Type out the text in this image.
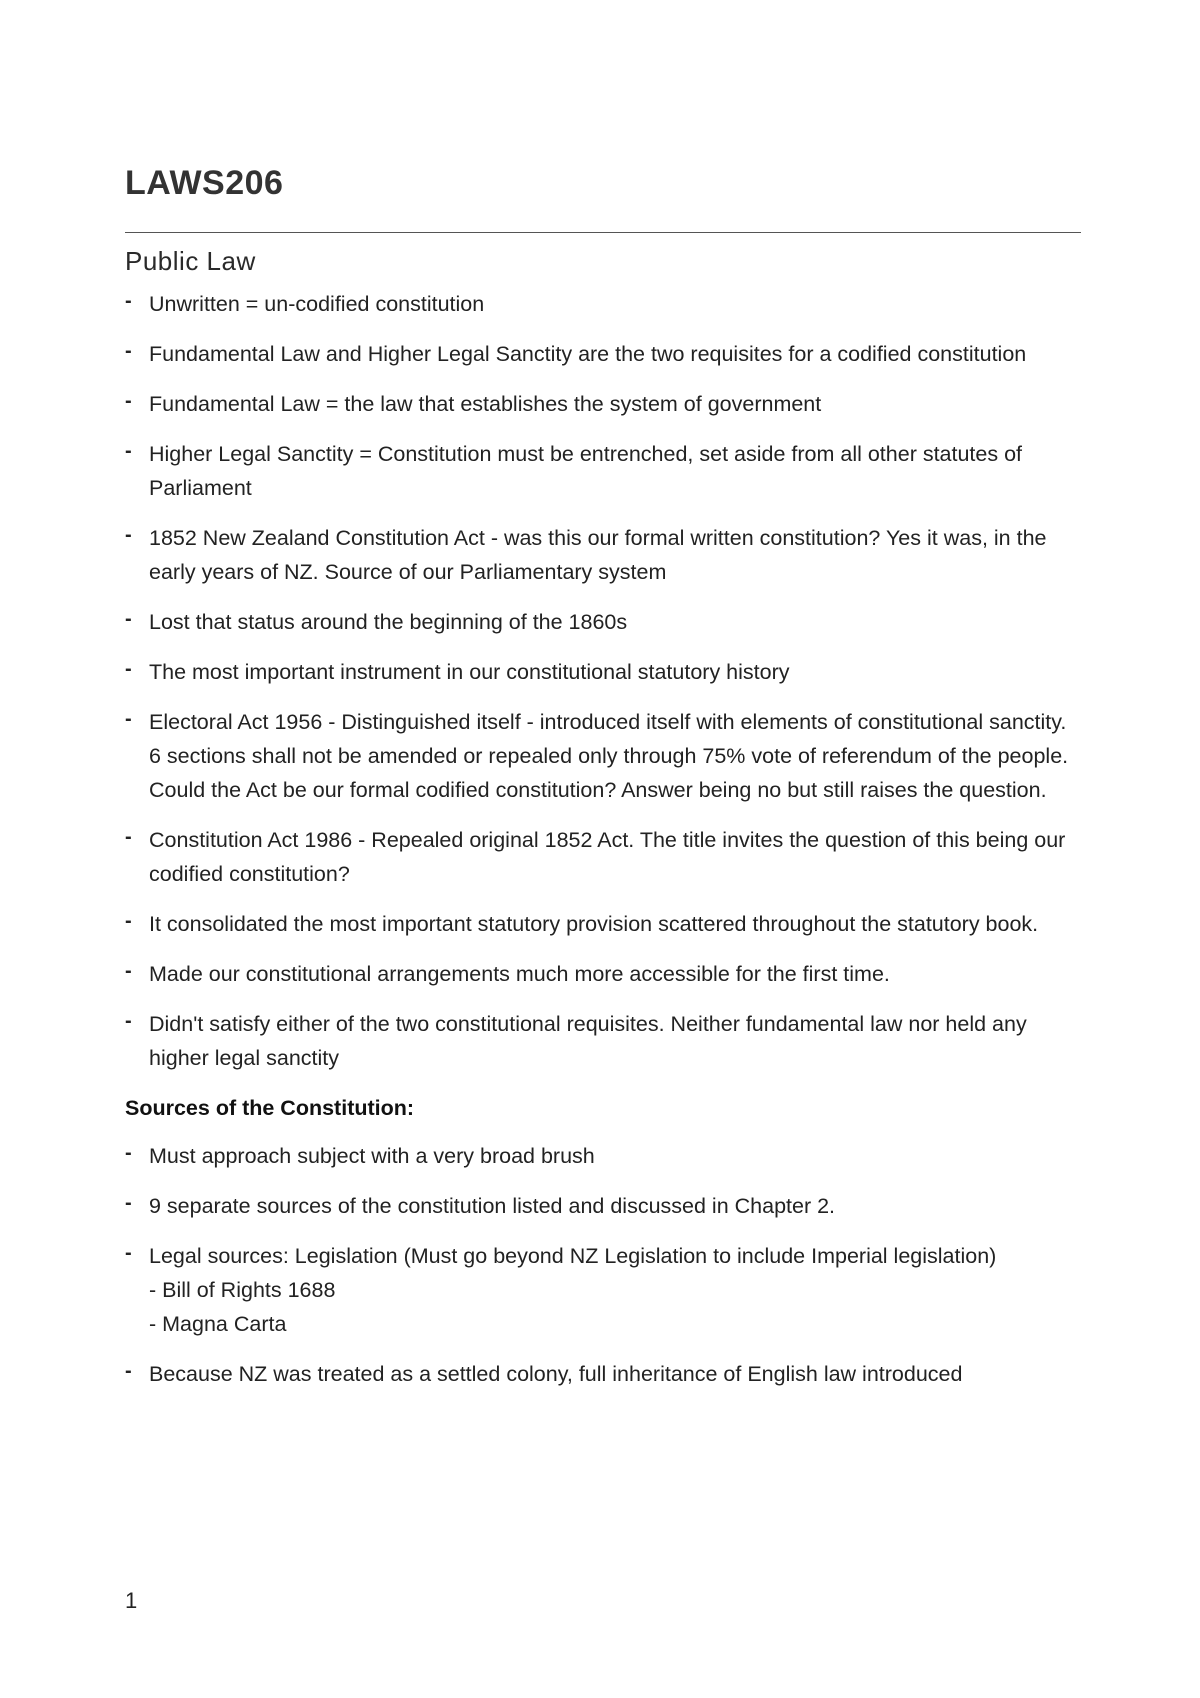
LAWS206
Public Law
- Unwritten = un-codified constitution
- Fundamental Law and Higher Legal Sanctity are the two requisites for a codified constitution
- Fundamental Law = the law that establishes the system of government
- Higher Legal Sanctity = Constitution must be entrenched, set aside from all other statutes of Parliament
- 1852 New Zealand Constitution Act - was this our formal written constitution? Yes it was, in the early years of NZ. Source of our Parliamentary system
- Lost that status around the beginning of the 1860s
- The most important instrument in our constitutional statutory history
- Electoral Act 1956 - Distinguished itself - introduced itself with elements of constitutional sanctity. 6 sections shall not be amended or repealed only through 75% vote of referendum of the people. Could the Act be our formal codified constitution? Answer being no but still raises the question.
- Constitution Act 1986 - Repealed original 1852 Act. The title invites the question of this being our codified constitution?
- It consolidated the most important statutory provision scattered throughout the statutory book.
- Made our constitutional arrangements much more accessible for the first time.
- Didn't satisfy either of the two constitutional requisites. Neither fundamental law nor held any higher legal sanctity
Sources of the Constitution:
- Must approach subject with a very broad brush
- 9 separate sources of the constitution listed and discussed in Chapter 2.
- Legal sources: Legislation (Must go beyond NZ Legislation to include Imperial legislation)
- Bill of Rights 1688
- Magna Carta
- Because NZ was treated as a settled colony, full inheritance of English law introduced
1
